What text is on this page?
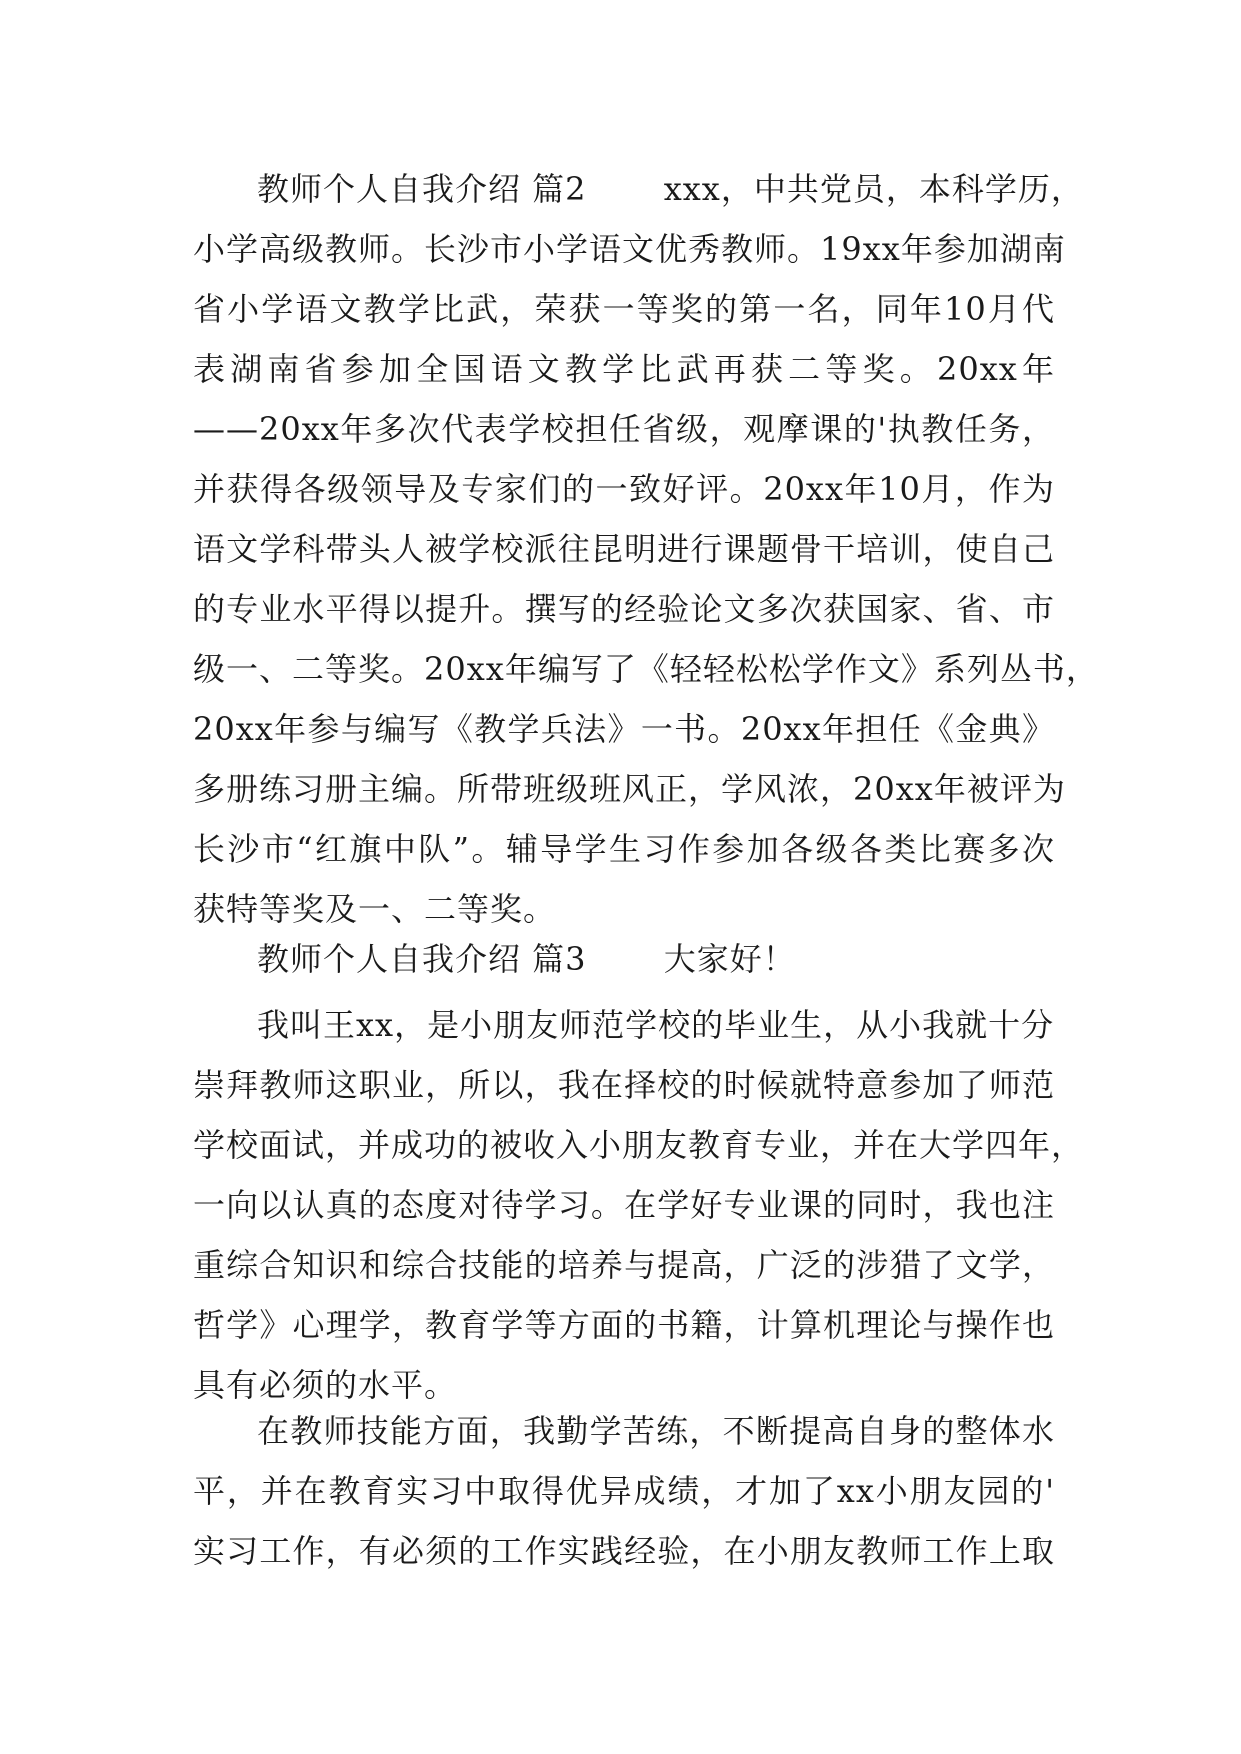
教师个人自我介绍 篇2　　 xxx，中共党员，本科学历，
小学高级教师。长沙市小学语文优秀教师。19xx年参加湖南
省小学语文教学比武，荣获一等奖的第一名，同年10月代
表湖南省参加全国语文教学比武再获二等奖。20xx年
——20xx年多次代表学校担任省级，观摩课的'执教任务，
并获得各级领导及专家们的一致好评。20xx年10月，作为
语文学科带头人被学校派往昆明进行课题骨干培训，使自己
的专业水平得以提升。撰写的经验论文多次获国家、省、市
级一、二等奖。20xx年编写了《轻轻松松学作文》系列丛书，
20xx年参与编写《教学兵法》一书。20xx年担任《金典》
多册练习册主编。所带班级班风正，学风浓，20xx年被评为
长沙市“红旗中队”。辅导学生习作参加各级各类比赛多次
获特等奖及一、二等奖。
教师个人自我介绍 篇3　　 大家好！
我叫王xx，是小朋友师范学校的毕业生，从小我就十分
崇拜教师这职业，所以，我在择校的时候就特意参加了师范
学校面试，并成功的被收入小朋友教育专业，并在大学四年，
一向以认真的态度对待学习。在学好专业课的同时，我也注
重综合知识和综合技能的培养与提高，广泛的涉猎了文学，
哲学》心理学，教育学等方面的书籍，计算机理论与操作也
具有必须的水平。
在教师技能方面，我勤学苦练，不断提高自身的整体水
平，并在教育实习中取得优异成绩，才加了xx小朋友园的'
实习工作，有必须的工作实践经验，在小朋友教师工作上取
